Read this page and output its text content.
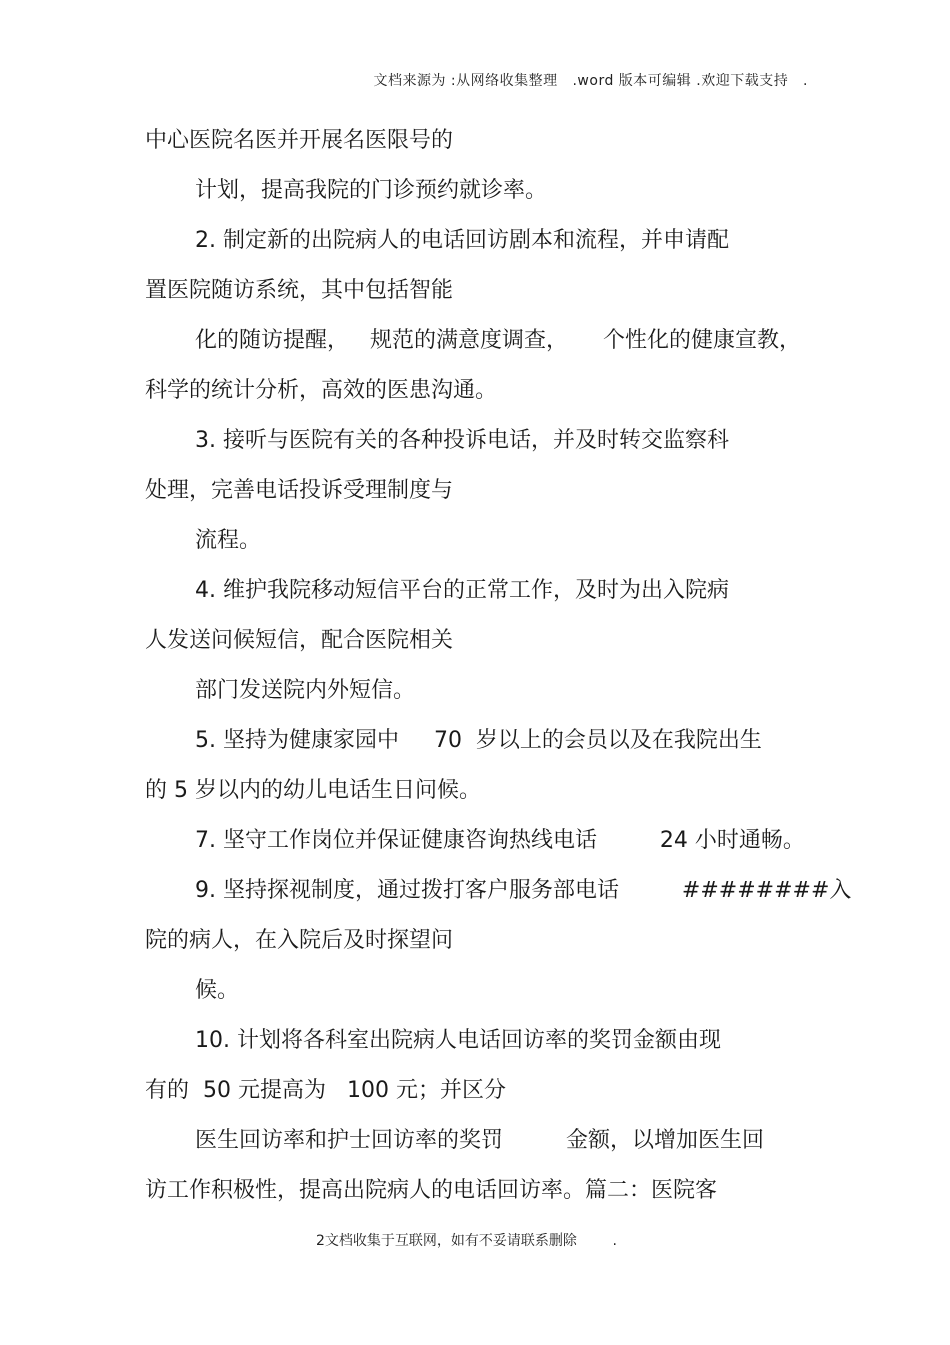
文档来源为 :从网络收集整理   .word 版本可编辑 .欢迎下载支持   .
中心医院名医并开展名医限号的
计划，提高我院的门诊预约就诊率。
2. 制定新的出院病人的电话回访剧本和流程，并申请配
置医院随访系统，其中包括智能
化的随访提醒，   规范的满意度调查，     个性化的健康宣教，
科学的统计分析，高效的医患沟通。
3. 接听与医院有关的各种投诉电话，并及时转交监察科
处理，完善电话投诉受理制度与
流程。
4. 维护我院移动短信平台的正常工作，及时为出入院病
人发送问候短信，配合医院相关
部门发送院内外短信。
5. 坚持为健康家园中     70  岁以上的会员以及在我院出生
的 5 岁以内的幼儿电话生日问候。
7. 坚守工作岗位并保证健康咨询热线电话         24 小时通畅。
9. 坚持探视制度，通过拨打客户服务部电话         ########入
院的病人，在入院后及时探望问
候。
10. 计划将各科室出院病人电话回访率的奖罚金额由现
有的  50 元提高为   100 元；并区分
医生回访率和护士回访率的奖罚         金额，以增加医生回
访工作积极性，提高出院病人的电话回访率。篇二：医院客
2文档收集于互联网，如有不妥请联系删除        .
